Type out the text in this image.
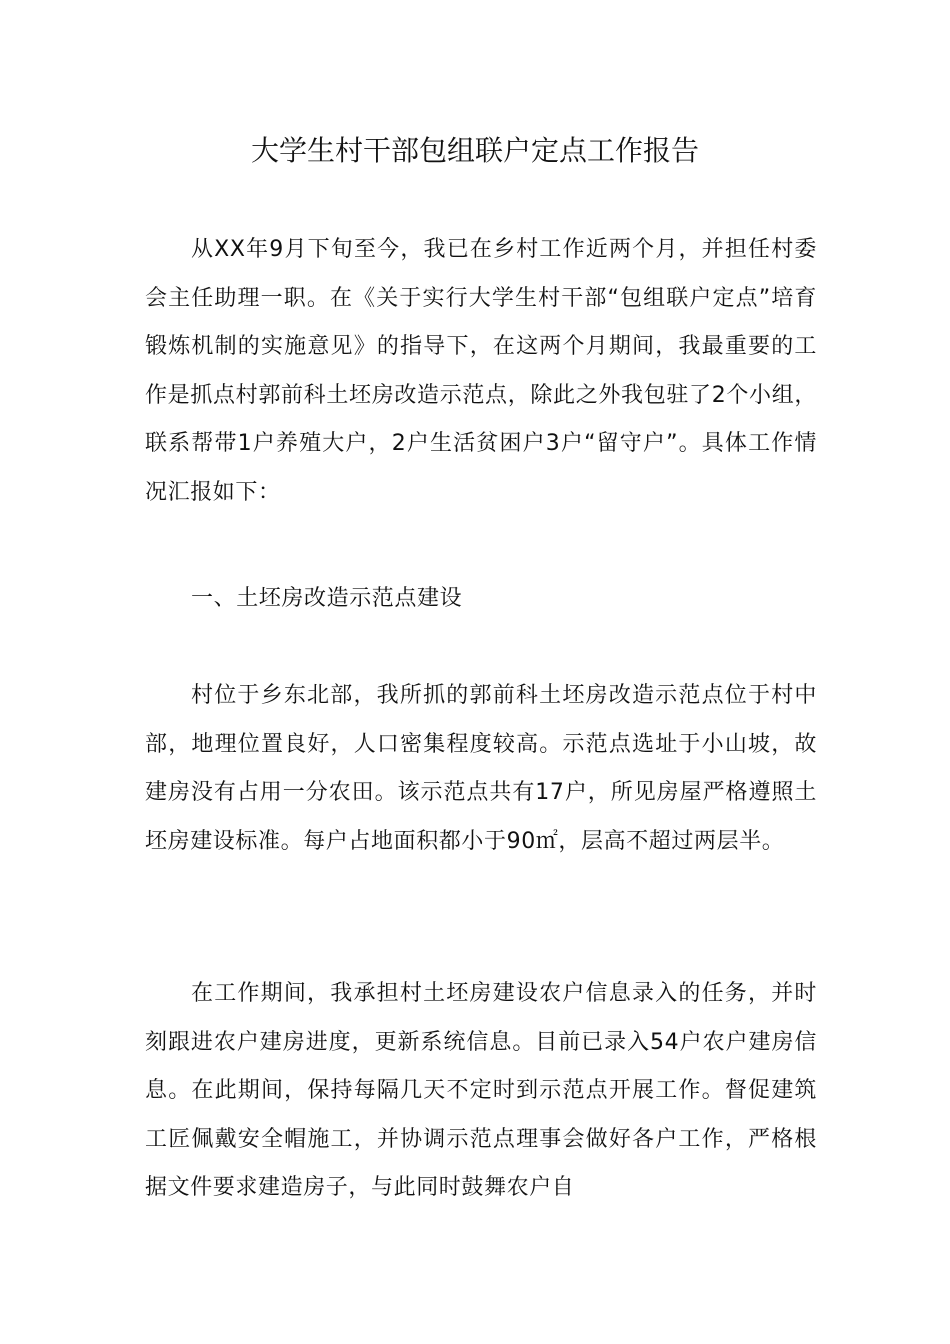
大学生村干部包组联户定点工作报告

从XX年9月下旬至今，我已在乡村工作近两个月，并担任村委会主任助理一职。在《关于实行大学生村干部“包组联户定点”培育锻炼机制的实施意见》的指导下，在这两个月期间，我最重要的工作是抓点村郭前科土坯房改造示范点，除此之外我包驻了2个小组，联系帮带1户养殖大户，2户生活贫困户3户“留守户”。具体工作情况汇报如下：

一、土坯房改造示范点建设

村位于乡东北部，我所抓的郭前科土坯房改造示范点位于村中部，地理位置良好，人口密集程度较高。示范点选址于小山坡，故建房没有占用一分农田。该示范点共有17户，所见房屋严格遵照土坯房建设标准。每户占地面积都小于90㎡，层高不超过两层半。

在工作期间，我承担村土坯房建设农户信息录入的任务，并时刻跟进农户建房进度，更新系统信息。目前已录入54户农户建房信息。在此期间，保持每隔几天不定时到示范点开展工作。督促建筑工匠佩戴安全帽施工，并协调示范点理事会做好各户工作，严格根据文件要求建造房子，与此同时鼓舞农户自
